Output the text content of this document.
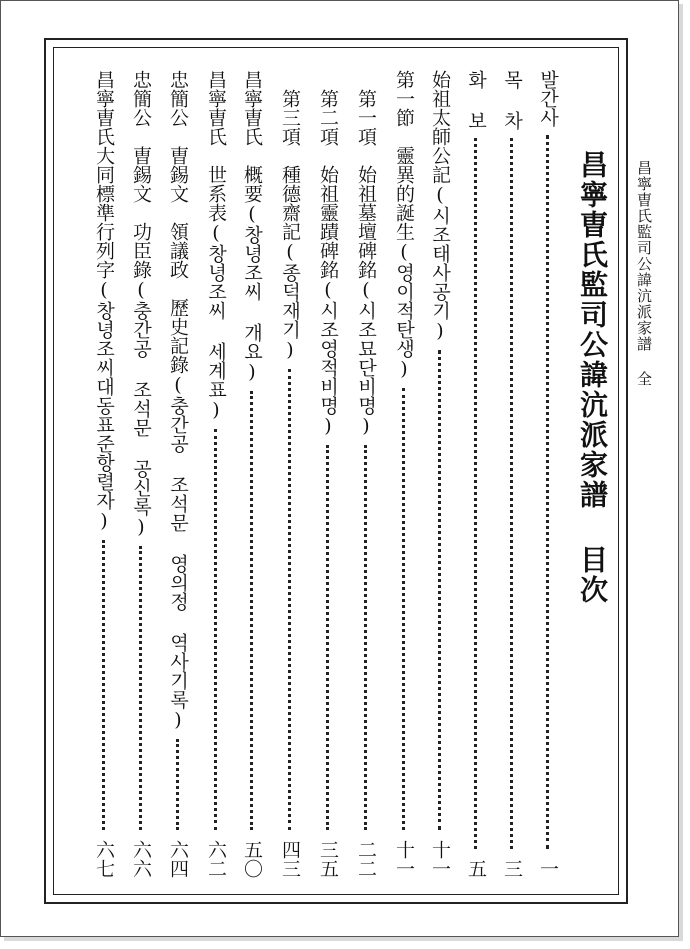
昌寧曺氏監司公諱沆派家譜 全
昌寧曺氏監司公諱沆派家譜 目次
발간사
一
목 차
三
화 보
五
始祖太師公記(시조태사공기)
十一
第一節　靈異的誕生(영이적탄생)
十一
　第一項　始祖墓壇碑銘(시조묘단비명)
二二
　第二項　始祖靈蹟碑銘(시조영적비명)
三五
　第三項　種德齋記(종덕재기)
四三
昌寧曺氏　概要(창녕조씨 개요)
五〇
昌寧曺氏　世系表(창녕조씨 세계표)
六二
忠簡公　曺錫文　領議政　歷史記錄(충간공 조석문 영의정 역사기록)
六四
忠簡公　曺錫文　功臣錄(충간공 조석문 공신록)
六六
昌寧曺氏大同標準行列字(창녕조씨대동표준항렬자)
六七
